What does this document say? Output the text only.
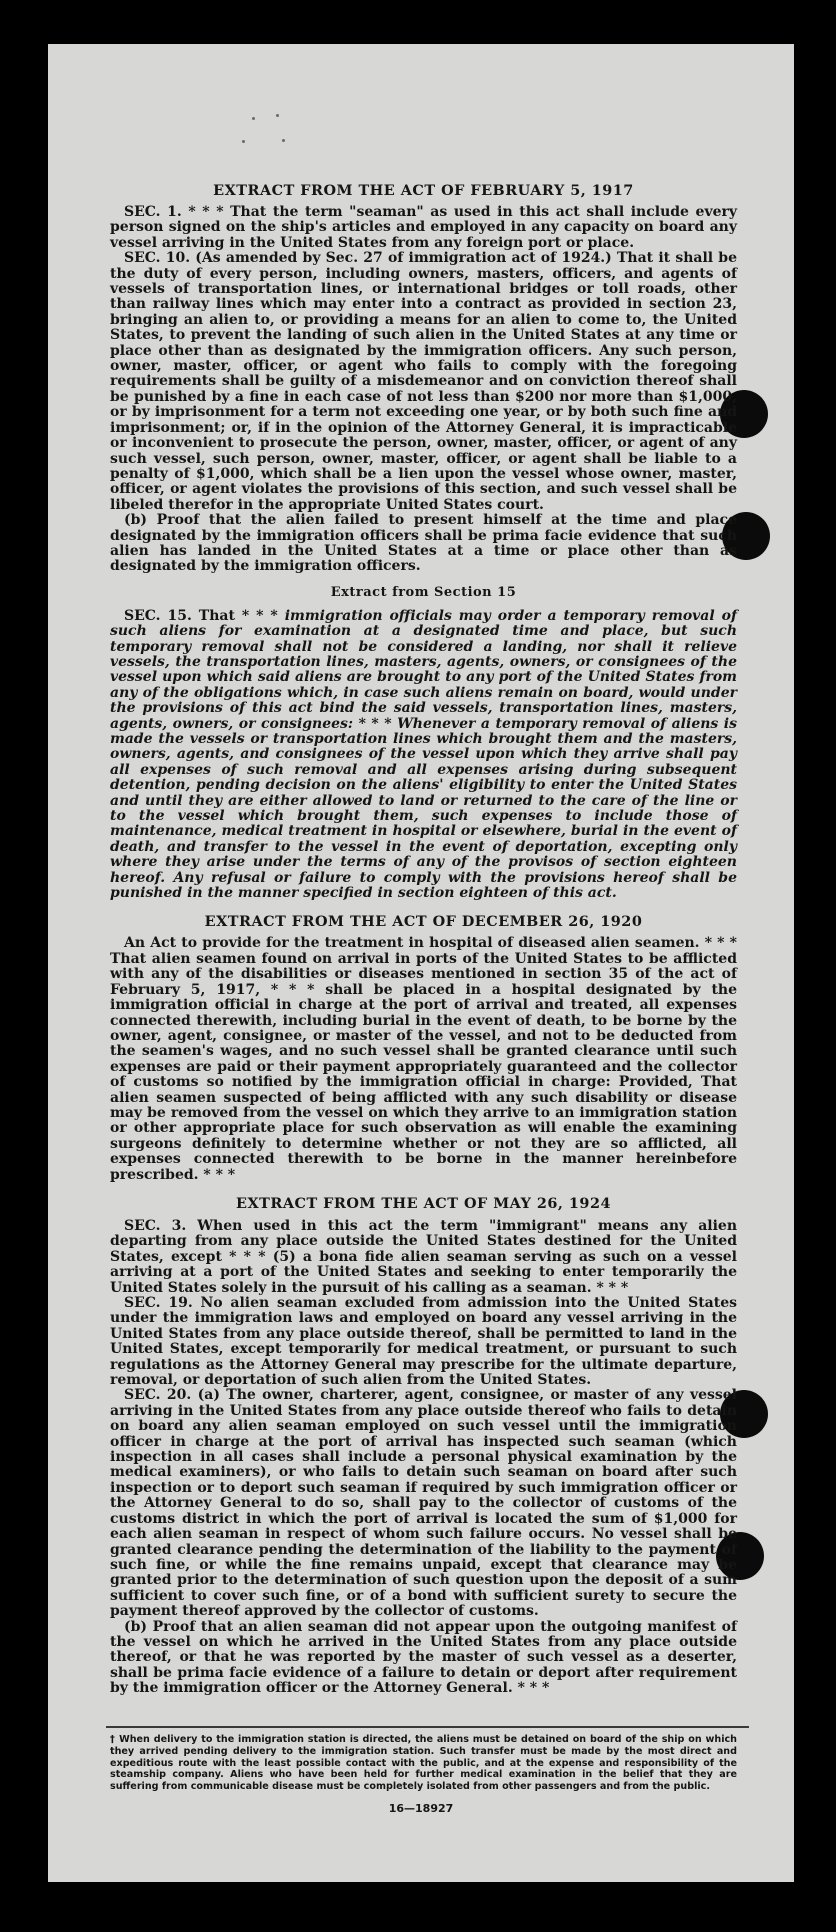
EXTRACT FROM THE ACT OF FEBRUARY 5, 1917

SEC. 1. * * * That the term "seaman" as used in this act shall include every person signed on the ship's articles and employed in any capacity on board any vessel arriving in the United States from any foreign port or place.

SEC. 10. (As amended by Sec. 27 of immigration act of 1924.) That it shall be the duty of every person, including owners, masters, officers, and agents of vessels of transportation lines, or international bridges or toll roads, other than railway lines which may enter into a contract as provided in section 23, bringing an alien to, or providing a means for an alien to come to, the United States, to prevent the landing of such alien in the United States at any time or place other than as designated by the immigration officers. Any such person, owner, master, officer, or agent who fails to comply with the foregoing requirements shall be guilty of a misdemeanor and on conviction thereof shall be punished by a fine in each case of not less than $200 nor more than $1,000, or by imprisonment for a term not exceeding one year, or by both such fine and imprisonment; or, if in the opinion of the Attorney General, it is impracticable or inconvenient to prosecute the person, owner, master, officer, or agent of any such vessel, such person, owner, master, officer, or agent shall be liable to a penalty of $1,000, which shall be a lien upon the vessel whose owner, master, officer, or agent violates the provisions of this section, and such vessel shall be libeled therefor in the appropriate United States court.

(b) Proof that the alien failed to present himself at the time and place designated by the immigration officers shall be prima facie evidence that such alien has landed in the United States at a time or place other than as designated by the immigration officers.

Extract from Section 15

SEC. 15. That * * * immigration officials may order a temporary removal of such aliens for examination at a designated time and place, but such temporary removal shall not be considered a landing, nor shall it relieve vessels, the transportation lines, masters, agents, owners, or consignees of the vessel upon which said aliens are brought to any port of the United States from any of the obligations which, in case such aliens remain on board, would under the provisions of this act bind the said vessels, transportation lines, masters, agents, owners, or consignees: * * * Whenever a temporary removal of aliens is made the vessels or transportation lines which brought them and the masters, owners, agents, and consignees of the vessel upon which they arrive shall pay all expenses of such removal and all expenses arising during subsequent detention, pending decision on the aliens' eligibility to enter the United States and until they are either allowed to land or returned to the care of the line or to the vessel which brought them, such expenses to include those of maintenance, medical treatment in hospital or elsewhere, burial in the event of death, and transfer to the vessel in the event of deportation, excepting only where they arise under the terms of any of the provisos of section eighteen hereof. Any refusal or failure to comply with the provisions hereof shall be punished in the manner specified in section eighteen of this act.

EXTRACT FROM THE ACT OF DECEMBER 26, 1920

An Act to provide for the treatment in hospital of diseased alien seamen. * * * That alien seamen found on arrival in ports of the United States to be afflicted with any of the disabilities or diseases mentioned in section 35 of the act of February 5, 1917, * * * shall be placed in a hospital designated by the immigration official in charge at the port of arrival and treated, all expenses connected therewith, including burial in the event of death, to be borne by the owner, agent, consignee, or master of the vessel, and not to be deducted from the seamen's wages, and no such vessel shall be granted clearance until such expenses are paid or their payment appropriately guaranteed and the collector of customs so notified by the immigration official in charge: Provided, That alien seamen suspected of being afflicted with any such disability or disease may be removed from the vessel on which they arrive to an immigration station or other appropriate place for such observation as will enable the examining surgeons definitely to determine whether or not they are so afflicted, all expenses connected therewith to be borne in the manner hereinbefore prescribed. * * *

EXTRACT FROM THE ACT OF MAY 26, 1924

SEC. 3. When used in this act the term "immigrant" means any alien departing from any place outside the United States destined for the United States, except * * * (5) a bona fide alien seaman serving as such on a vessel arriving at a port of the United States and seeking to enter temporarily the United States solely in the pursuit of his calling as a seaman. * * *

SEC. 19. No alien seaman excluded from admission into the United States under the immigration laws and employed on board any vessel arriving in the United States from any place outside thereof, shall be permitted to land in the United States, except temporarily for medical treatment, or pursuant to such regulations as the Attorney General may prescribe for the ultimate departure, removal, or deportation of such alien from the United States.

SEC. 20. (a) The owner, charterer, agent, consignee, or master of any vessel arriving in the United States from any place outside thereof who fails to detain on board any alien seaman employed on such vessel until the immigration officer in charge at the port of arrival has inspected such seaman (which inspection in all cases shall include a personal physical examination by the medical examiners), or who fails to detain such seaman on board after such inspection or to deport such seaman if required by such immigration officer or the Attorney General to do so, shall pay to the collector of customs of the customs district in which the port of arrival is located the sum of $1,000 for each alien seaman in respect of whom such failure occurs. No vessel shall be granted clearance pending the determination of the liability to the payment of such fine, or while the fine remains unpaid, except that clearance may be granted prior to the determination of such question upon the deposit of a sum sufficient to cover such fine, or of a bond with sufficient surety to secure the payment thereof approved by the collector of customs.

(b) Proof that an alien seaman did not appear upon the outgoing manifest of the vessel on which he arrived in the United States from any place outside thereof, or that he was reported by the master of such vessel as a deserter, shall be prima facie evidence of a failure to detain or deport after requirement by the immigration officer or the Attorney General. * * *

† When delivery to the immigration station is directed, the aliens must be detained on board of the ship on which they arrived pending delivery to the immigration station. Such transfer must be made by the most direct and expeditious route with the least possible contact with the public, and at the expense and responsibility of the steamship company. Aliens who have been held for further medical examination in the belief that they are suffering from communicable disease must be completely isolated from other passengers and from the public.

16—18927
